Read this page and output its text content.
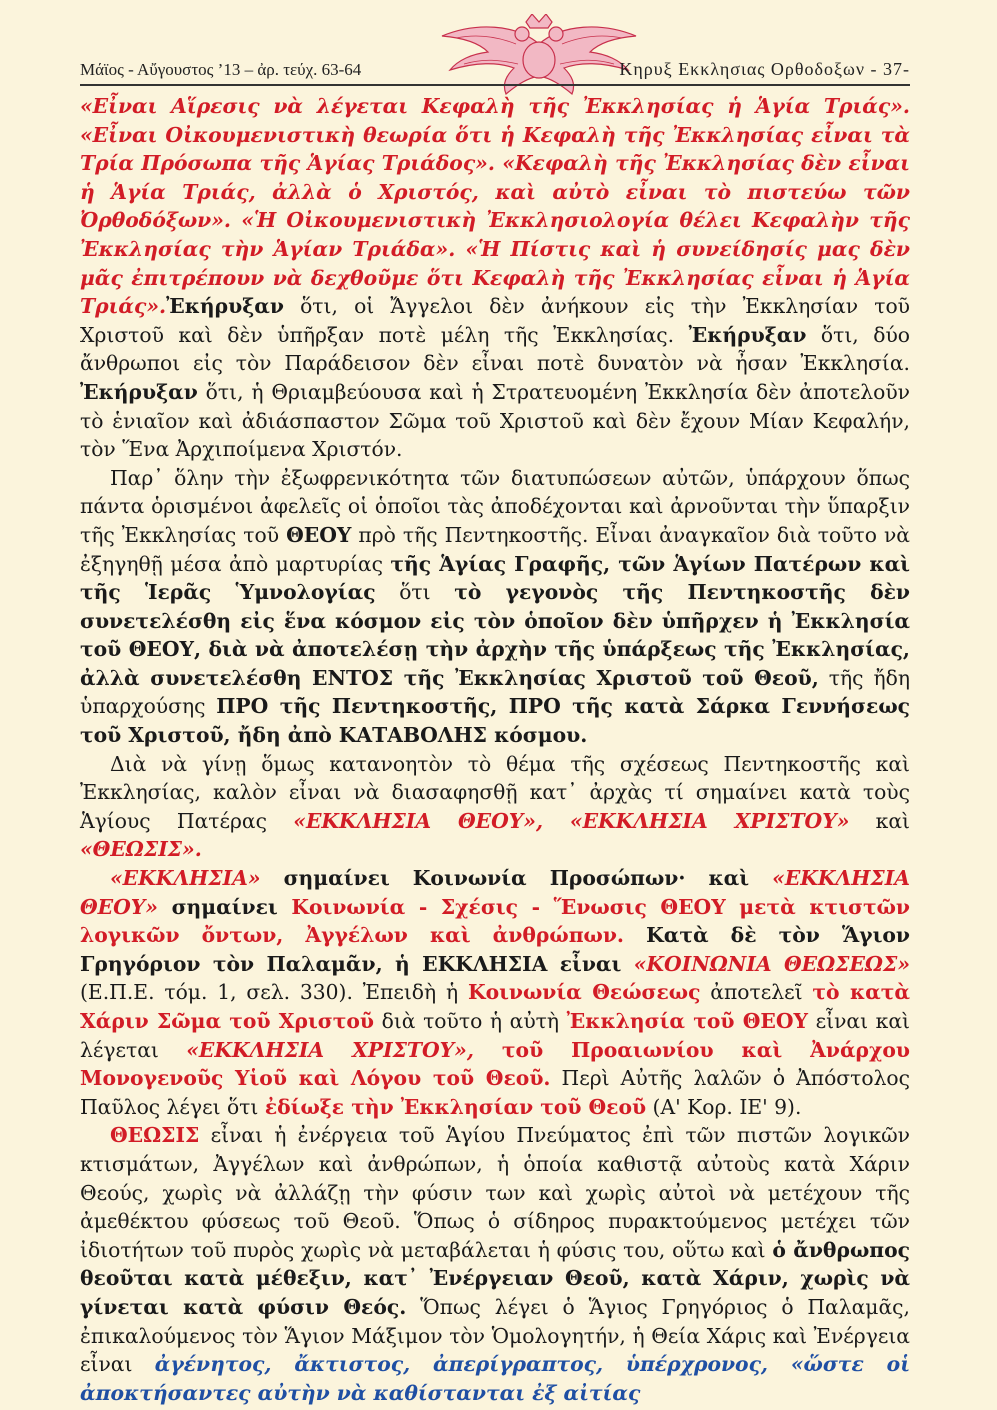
Μάϊος - Αὔγουστος ’13 – ἀρ. τεύχ. 63-64	Κηρυξ Εκκλησιας Ορθοδοξων - 37-

«Εἶναι Αἵρεσις νὰ λέγεται Κεφαλὴ τῆς Ἐκκλησίας ἡ Ἁγία Τριάς». «Εἶναι Οἰκουμενιστικὴ θεωρία ὅτι ἡ Κεφαλὴ τῆς Ἐκκλησίας εἶναι τὰ Τρία Πρόσωπα τῆς Ἁγίας Τριάδος». «Κεφαλὴ τῆς Ἐκκλησίας δὲν εἶναι ἡ Ἁγία Τριάς, ἀλλὰ ὁ Χριστός, καὶ αὐτὸ εἶναι τὸ πιστεύω τῶν Ὀρθοδόξων». «Ἡ Οἰκουμενιστικὴ Ἐκκλησιολογία θέλει Κεφαλὴν τῆς Ἐκκλησίας τὴν Ἁγίαν Τριάδα». «Ἡ Πίστις καὶ ἡ συνείδησίς μας δὲν μᾶς ἐπιτρέπουν νὰ δεχθοῦμε ὅτι Κεφαλὴ τῆς Ἐκκλησίας εἶναι ἡ Ἁγία Τριάς».Ἐκήρυξαν ὅτι, οἱ Ἄγγελοι δὲν ἀνήκουν εἰς τὴν Ἐκκλησίαν τοῦ Χριστοῦ καὶ δὲν ὑπῆρξαν ποτὲ μέλη τῆς Ἐκκλησίας. Ἐκήρυξαν ὅτι, δύο ἄνθρωποι εἰς τὸν Παράδεισον δὲν εἶναι ποτὲ δυνατὸν νὰ ἦσαν Ἐκκλησία. Ἐκήρυξαν ὅτι, ἡ Θριαμβεύουσα καὶ ἡ Στρατευομένη Ἐκκλησία δὲν ἀποτελοῦν τὸ ἑνιαῖον καὶ ἀδιάσπαστον Σῶμα τοῦ Χριστοῦ καὶ δὲν ἔχουν Μίαν Κεφαλήν, τὸν Ἕνα Ἀρχιποίμενα Χριστόν.

Παρ᾽ ὅλην τὴν ἐξωφρενικότητα τῶν διατυπώσεων αὐτῶν, ὑπάρχουν ὅπως πάντα ὁρισμένοι ἀφελεῖς οἱ ὁποῖοι τὰς ἀποδέχονται καὶ ἀρνοῦνται τὴν ὕπαρξιν τῆς Ἐκκλησίας τοῦ ΘΕΟΥ πρὸ τῆς Πεντηκοστῆς. Εἶναι ἀναγκαῖον διὰ τοῦτο νὰ ἐξηγηθῇ μέσα ἀπὸ μαρτυρίας τῆς Ἁγίας Γραφῆς, τῶν Ἁγίων Πατέρων καὶ τῆς Ἱερᾶς Ὑμνολογίας ὅτι τὸ γεγονὸς τῆς Πεντηκοστῆς δὲν συνετελέσθη εἰς ἕνα κόσμον εἰς τὸν ὁποῖον δὲν ὑπῆρχεν ἡ Ἐκκλησία τοῦ ΘΕΟΥ, διὰ νὰ ἀποτελέσῃ τὴν ἀρχὴν τῆς ὑπάρξεως τῆς Ἐκκλησίας, ἀλλὰ συνετελέσθη ΕΝΤΟΣ τῆς Ἐκκλησίας Χριστοῦ τοῦ Θεοῦ, τῆς ἤδη ὑπαρχούσης ΠΡΟ τῆς Πεντηκοστῆς, ΠΡΟ τῆς κατὰ Σάρκα Γεννήσεως τοῦ Χριστοῦ, ἤδη ἀπὸ ΚΑΤΑΒΟΛΗΣ κόσμου.

Διὰ νὰ γίνῃ ὅμως κατανοητὸν τὸ θέμα τῆς σχέσεως Πεντηκοστῆς καὶ Ἐκκλησίας, καλὸν εἶναι νὰ διασαφησθῇ κατ᾽ ἀρχὰς τί σημαίνει κατὰ τοὺς Ἁγίους Πατέρας «ΕΚΚΛΗΣΙΑ ΘΕΟΥ», «ΕΚΚΛΗΣΙΑ ΧΡΙΣΤΟΥ» καὶ «ΘΕΩΣΙΣ».

«ΕΚΚΛΗΣΙΑ» σημαίνει Κοινωνία Προσώπων· καὶ «ΕΚΚΛΗΣΙΑ ΘΕΟΥ» σημαίνει Κοινωνία - Σχέσις - Ἕνωσις ΘΕΟΥ μετὰ κτιστῶν λογικῶν ὄντων, Ἀγγέλων καὶ ἀνθρώπων. Κατὰ δὲ τὸν Ἅγιον Γρηγόριον τὸν Παλαμᾶν, ἡ ΕΚΚΛΗΣΙΑ εἶναι «ΚΟΙΝΩΝΙΑ ΘΕΩΣΕΩΣ» (Ε.Π.Ε. τόμ. 1, σελ. 330). Ἐπειδὴ ἡ Κοινωνία Θεώσεως ἀποτελεῖ τὸ κατὰ Χάριν Σῶμα τοῦ Χριστοῦ διὰ τοῦτο ἡ αὐτὴ Ἐκκλησία τοῦ ΘΕΟΥ εἶναι καὶ λέγεται «ΕΚΚΛΗΣΙΑ ΧΡΙΣΤΟΥ», τοῦ Προαιωνίου καὶ Ἀνάρχου Μονογενοῦς Υἱοῦ καὶ Λόγου τοῦ Θεοῦ. Περὶ Αὐτῆς λαλῶν ὁ Ἀπόστολος Παῦλος λέγει ὅτι ἐδίωξε τὴν Ἐκκλησίαν τοῦ Θεοῦ (Α' Κορ. ΙΕ' 9).

ΘΕΩΣΙΣ εἶναι ἡ ἐνέργεια τοῦ Ἁγίου Πνεύματος ἐπὶ τῶν πιστῶν λογικῶν κτισμάτων, Ἀγγέλων καὶ ἀνθρώπων, ἡ ὁποία καθιστᾷ αὐτοὺς κατὰ Χάριν Θεούς, χωρὶς νὰ ἀλλάζῃ τὴν φύσιν των καὶ χωρὶς αὐτοὶ νὰ μετέχουν τῆς ἀμεθέκτου φύσεως τοῦ Θεοῦ. Ὅπως ὁ σίδηρος πυρακτούμενος μετέχει τῶν ἰδιοτήτων τοῦ πυρὸς χωρὶς νὰ μεταβάλεται ἡ φύσις του, οὕτω καὶ ὁ ἄνθρωπος θεοῦται κατὰ μέθεξιν, κατ᾽ Ἐνέργειαν Θεοῦ, κατὰ Χάριν, χωρὶς νὰ γίνεται κατὰ φύσιν Θεός. Ὅπως λέγει ὁ Ἅγιος Γρηγόριος ὁ Παλαμᾶς, ἐπικαλούμενος τὸν Ἅγιον Μάξιμον τὸν Ὁμολογητήν, ἡ Θεία Χάρις καὶ Ἐνέργεια εἶναι ἀγένητος, ἄκτιστος, ἀπερίγραπτος, ὑπέρχρονος, «ὥστε οἱ ἀποκτήσαντες αὐτὴν νὰ καθίστανται ἐξ αἰτίας
